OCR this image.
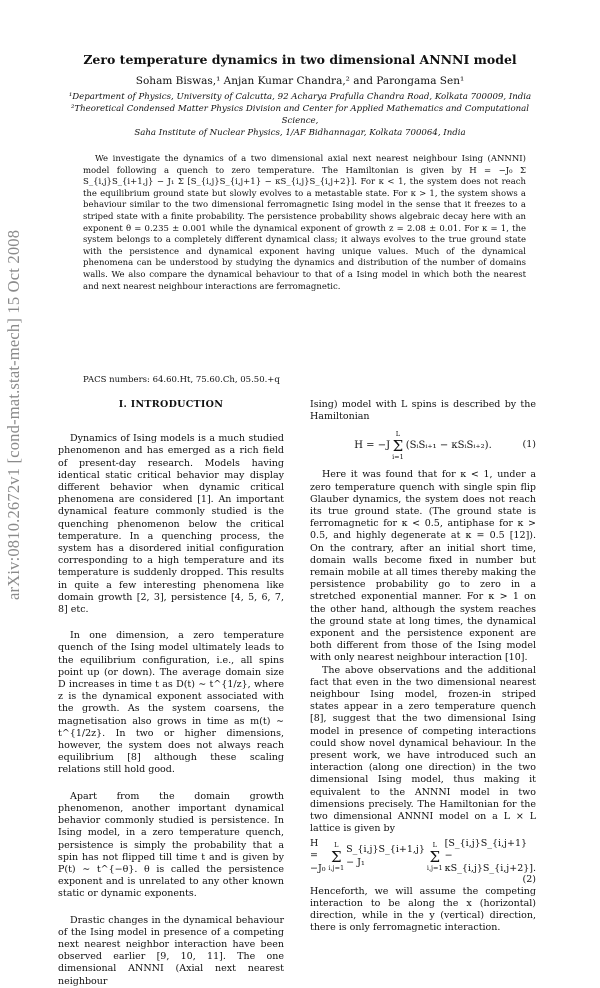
arXiv:0810.2672v1 [cond-mat.stat-mech] 15 Oct 2008
Zero temperature dynamics in two dimensional ANNNI model
Soham Biswas,¹ Anjan Kumar Chandra,² and Parongama Sen¹
¹Department of Physics, University of Calcutta, 92 Acharya Prafulla Chandra Road, Kolkata 700009, India
²Theoretical Condensed Matter Physics Division and Center for Applied Mathematics and Computational Science,
Saha Institute of Nuclear Physics, 1/AF Bidhannagar, Kolkata 700064, India

We investigate the dynamics of a two dimensional axial next nearest neighbour Ising (ANNNI) model following a quench to zero temperature. The Hamiltonian is given by H = −J₀ Σ S_{i,j}S_{i+1,j} − J₁ Σ [S_{i,j}S_{i,j+1} − κS_{i,j}S_{i,j+2}]. For κ < 1, the system does not reach the equilibrium ground state but slowly evolves to a metastable state. For κ > 1, the system shows a behaviour similar to the two dimensional ferromagnetic Ising model in the sense that it freezes to a striped state with a finite probability. The persistence probability shows algebraic decay here with an exponent θ = 0.235 ± 0.001 while the dynamical exponent of growth z = 2.08 ± 0.01. For κ = 1, the system belongs to a completely different dynamical class; it always evolves to the true ground state with the persistence and dynamical exponent having unique values. Much of the dynamical phenomena can be understood by studying the dynamics and distribution of the number of domains walls. We also compare the dynamical behaviour to that of a Ising model in which both the nearest and next nearest neighbour interactions are ferromagnetic.

PACS numbers: 64.60.Ht, 75.60.Ch, 05.50.+q
I. INTRODUCTION

Dynamics of Ising models is a much studied phenomenon and has emerged as a rich field of present-day research. Models having identical static critical behavior may display different behavior when dynamic critical phenomena are considered [1]. An important dynamical feature commonly studied is the quenching phenomenon below the critical temperature. In a quenching process, the system has a disordered initial configuration corresponding to a high temperature and its temperature is suddenly dropped. This results in quite a few interesting phenomena like domain growth [2, 3], persistence [4, 5, 6, 7, 8] etc.

In one dimension, a zero temperature quench of the Ising model ultimately leads to the equilibrium configuration, i.e., all spins point up (or down). The average domain size D increases in time t as D(t) ∼ t^{1/z}, where z is the dynamical exponent associated with the growth. As the system coarsens, the magnetisation also grows in time as m(t) ∼ t^{1/2z}. In two or higher dimensions, however, the system does not always reach equilibrium [8] although these scaling relations still hold good.

Apart from the domain growth phenomenon, another important dynamical behavior commonly studied is persistence. In Ising model, in a zero temperature quench, persistence is simply the probability that a spin has not flipped till time t and is given by P(t) ∼ t^{−θ}. θ is called the persistence exponent and is unrelated to any other known static or dynamic exponents.

Drastic changes in the dynamical behaviour of the Ising model in presence of a competing next nearest neighbor interaction have been observed earlier [9, 10, 11]. The one dimensional ANNNI (Axial next nearest neighbour

Ising) model with L spins is described by the Hamiltonian

H = −J
L
Σ
i=1
(SᵢSᵢ₊₁ − κSᵢSᵢ₊₂).	(1)

Here it was found that for κ < 1, under a zero temperature quench with single spin flip Glauber dynamics, the system does not reach its true ground state. (The ground state is ferromagnetic for κ < 0.5, antiphase for κ > 0.5, and highly degenerate at κ = 0.5 [12]). On the contrary, after an initial short time, domain walls become fixed in number but remain mobile at all times thereby making the persistence probability go to zero in a stretched exponential manner. For κ > 1 on the other hand, although the system reaches the ground state at long times, the dynamical exponent and the persistence exponent are both different from those of the Ising model with only nearest neighbour interaction [10].

The above observations and the additional fact that even in the two dimensional nearest neighbour Ising model, frozen-in striped states appear in a zero temperature quench [8], suggest that the two dimensional Ising model in presence of competing interactions could show novel dynamical behaviour. In the present work, we have introduced such an interaction (along one direction) in the two dimensional Ising model, thus making it equivalent to the ANNNI model in two dimensions precisely. The Hamiltonian for the two dimensional ANNNI model on a L × L lattice is given by

H = −J₀
L
Σ
i,j=1
S_{i,j}S_{i+1,j} − J₁
L
Σ
i,j=1
[S_{i,j}S_{i,j+1} − κS_{i,j}S_{i,j+2}].
(2)

Henceforth, we will assume the competing interaction to be along the x (horizontal) direction, while in the y (vertical) direction, there is only ferromagnetic interaction.
